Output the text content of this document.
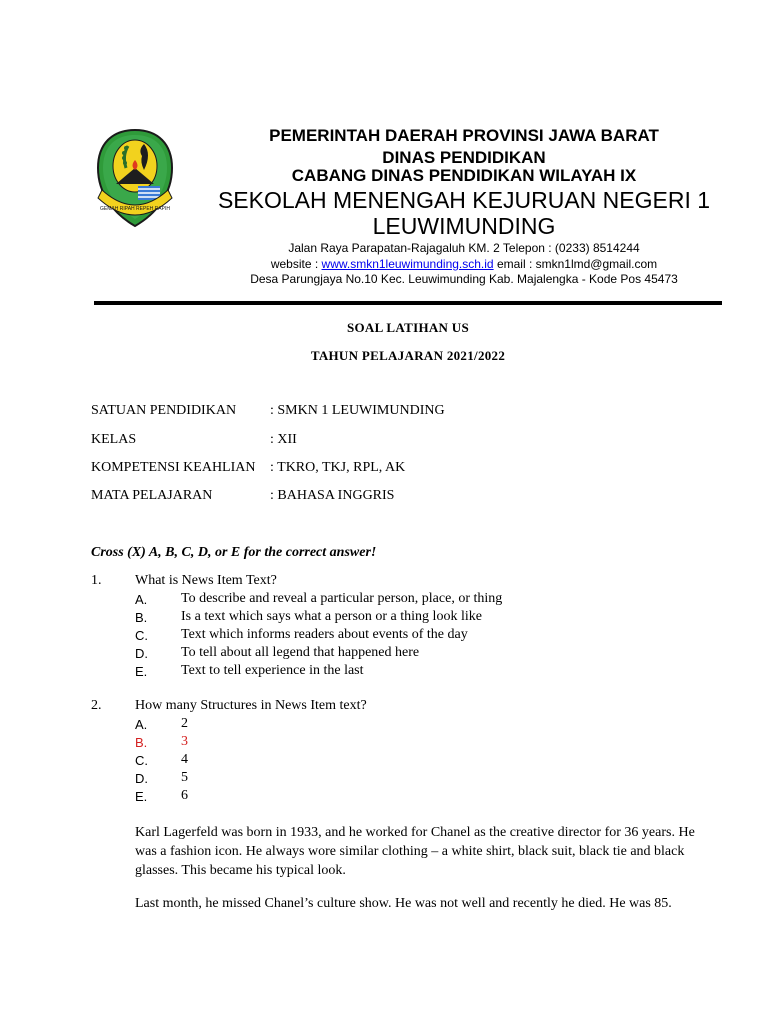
GEMAH RIPAH REPEH RAPIH
PEMERINTAH DAERAH PROVINSI JAWA BARAT
DINAS PENDIDIKAN
CABANG DINAS PENDIDIKAN WILAYAH IX
SEKOLAH MENENGAH KEJURUAN NEGERI 1
LEUWIMUNDING
Jalan Raya Parapatan-Rajagaluh KM. 2 Telepon : (0233) 8514244
website : www.smkn1leuwimunding.sch.id email : smkn1lmd@gmail.com
Desa Parungjaya No.10 Kec. Leuwimunding Kab. Majalengka - Kode Pos 45473
SOAL LATIHAN US
TAHUN PELAJARAN 2021/2022
SATUAN PENDIDIKAN : SMKN 1 LEUWIMUNDING
KELAS	: XII
KOMPETENSI KEAHLIAN : TKRO, TKJ, RPL, AK
MATA PELAJARAN	: BAHASA INGGRIS
Cross (X) A, B, C, D, or E for the correct answer!
1. What is News Item Text?
A. To describe and reveal a particular person, place, or thing
B. Is a text which says what a person or a thing look like
C. Text which informs readers about events of the day
D. To tell about all legend that happened here
E. Text to tell experience in the last
2. How many Structures in News Item text?
A. 2
B. 3
C. 4
D. 5
E. 6
Karl Lagerfeld was born in 1933, and he worked for Chanel as the creative director for 36 years. He was a fashion icon. He always wore similar clothing – a white shirt, black suit, black tie and black glasses. This became his typical look.
Last month, he missed Chanel’s culture show. He was not well and recently he died. He was 85.
